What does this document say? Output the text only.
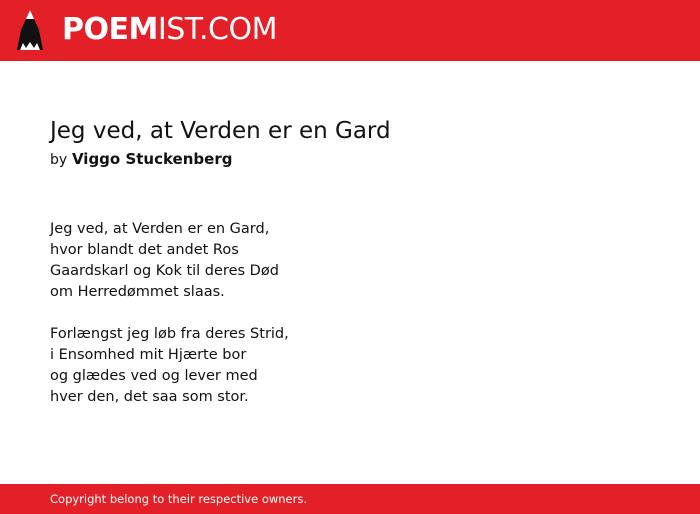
POEMIST.COM
Jeg ved, at Verden er en Gard
by Viggo Stuckenberg
Jeg ved, at Verden er en Gard,
hvor blandt det andet Ros
Gaardskarl og Kok til deres Død
om Herredømmet slaas.
Forlængst jeg løb fra deres Strid,
i Ensomhed mit Hjærte bor
og glædes ved og lever med
hver den, det saa som stor.
Copyright belong to their respective owners.
